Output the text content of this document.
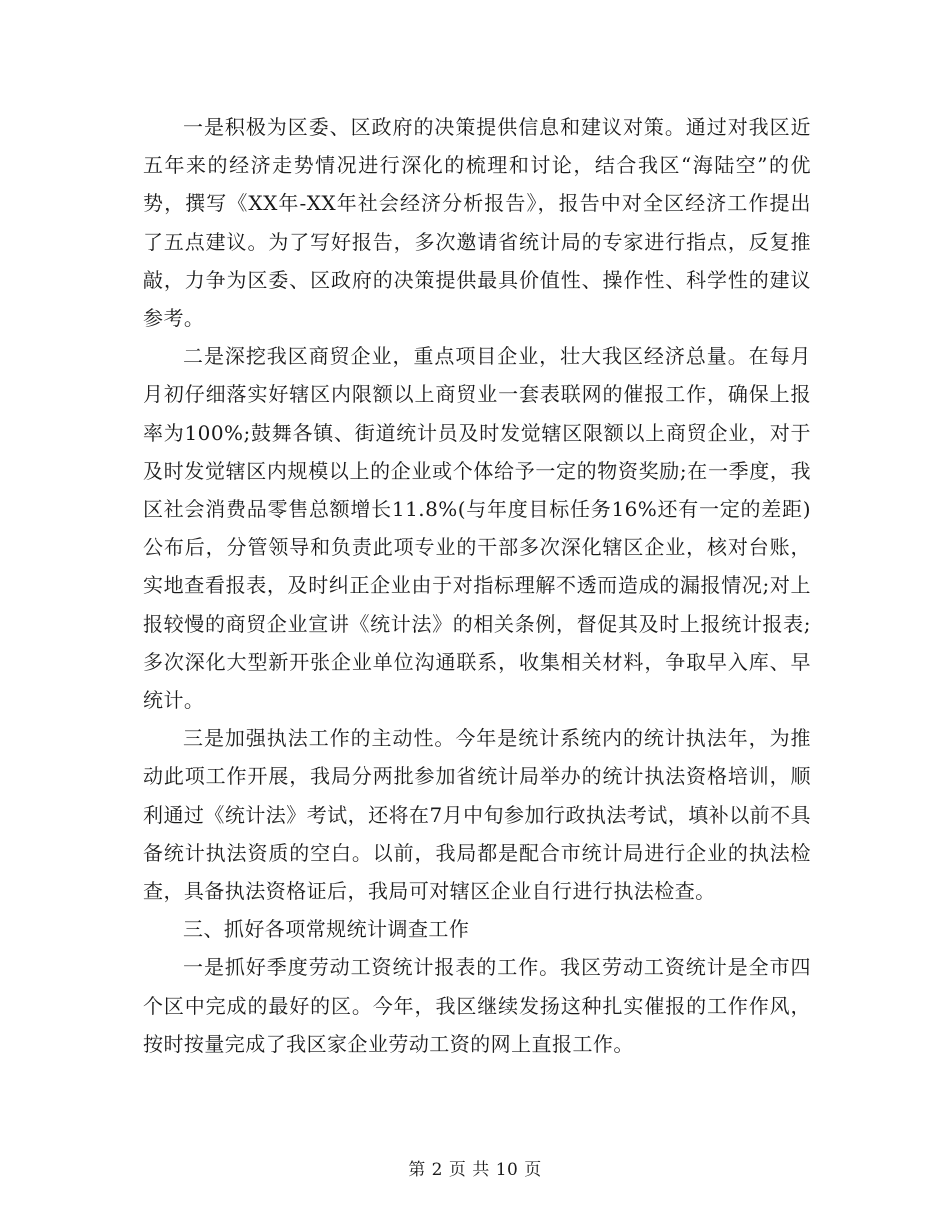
一是积极为区委、区政府的决策提供信息和建议对策。通过对我区近五年来的经济走势情况进行深化的梳理和讨论，结合我区“海陆空”的优势，撰写《XX年-XX年社会经济分析报告》，报告中对全区经济工作提出了五点建议。为了写好报告，多次邀请省统计局的专家进行指点，反复推敲，力争为区委、区政府的决策提供最具价值性、操作性、科学性的建议参考。

二是深挖我区商贸企业，重点项目企业，壮大我区经济总量。在每月月初仔细落实好辖区内限额以上商贸业一套表联网的催报工作，确保上报率为100%;鼓舞各镇、街道统计员及时发觉辖区限额以上商贸企业，对于及时发觉辖区内规模以上的企业或个体给予一定的物资奖励;在一季度，我区社会消费品零售总额增长11.8%(与年度目标任务16%还有一定的差距)公布后，分管领导和负责此项专业的干部多次深化辖区企业，核对台账，实地查看报表，及时纠正企业由于对指标理解不透而造成的漏报情况;对上报较慢的商贸企业宣讲《统计法》的相关条例，督促其及时上报统计报表;多次深化大型新开张企业单位沟通联系，收集相关材料，争取早入库、早统计。

三是加强执法工作的主动性。今年是统计系统内的统计执法年，为推动此项工作开展，我局分两批参加省统计局举办的统计执法资格培训，顺利通过《统计法》考试，还将在7月中旬参加行政执法考试，填补以前不具备统计执法资质的空白。以前，我局都是配合市统计局进行企业的执法检查，具备执法资格证后，我局可对辖区企业自行进行执法检查。

三、抓好各项常规统计调查工作

一是抓好季度劳动工资统计报表的工作。我区劳动工资统计是全市四个区中完成的最好的区。今年，我区继续发扬这种扎实催报的工作作风，按时按量完成了我区家企业劳动工资的网上直报工作。

第 2 页 共 10 页
